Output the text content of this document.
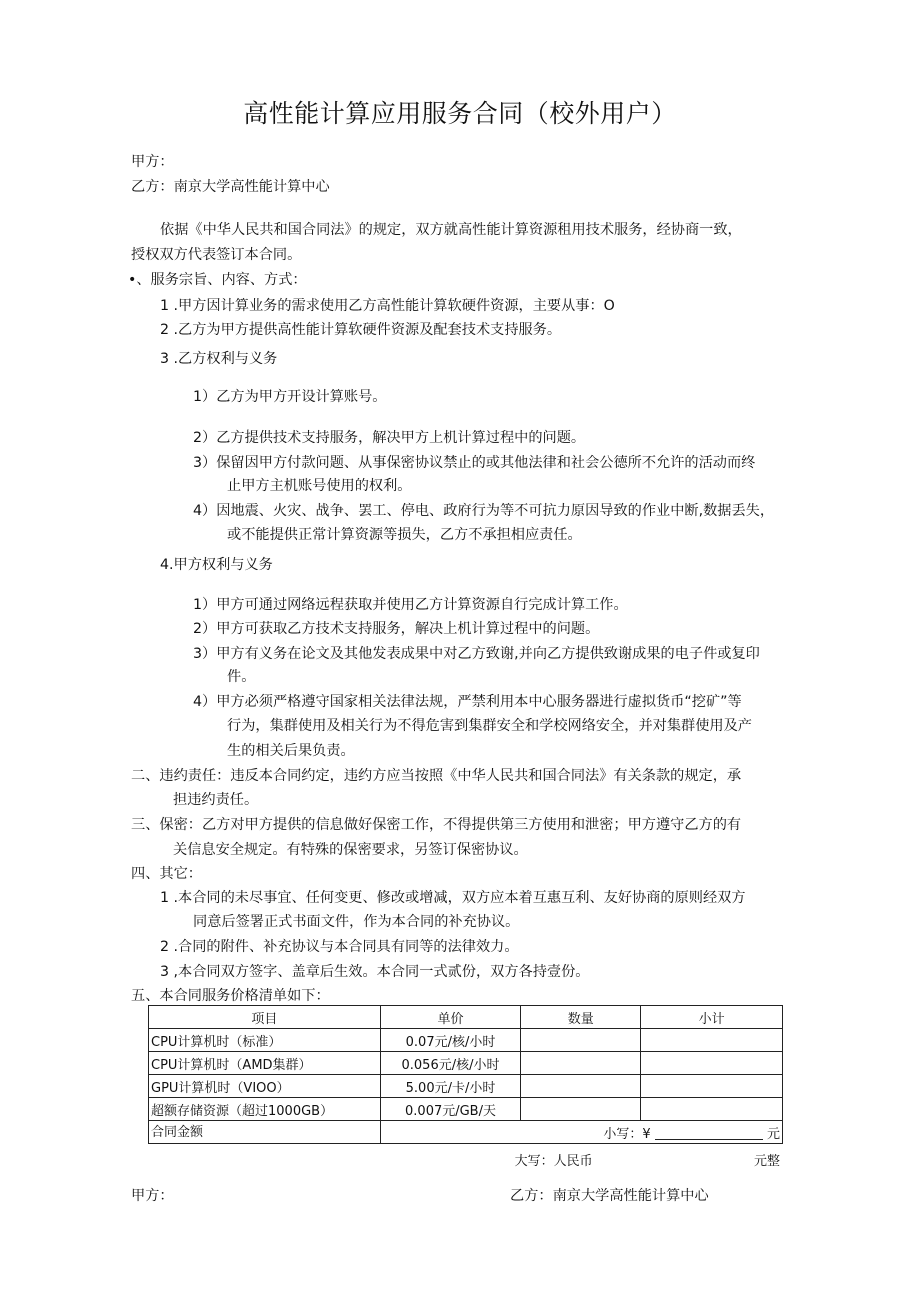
高性能计算应用服务合同（校外用户）
甲方：
乙方：南京大学高性能计算中心
依据《中华人民共和国合同法》的规定，双方就高性能计算资源租用技术服务，经协商一致，
授权双方代表签订本合同。
•、服务宗旨、内容、方式：
1 .甲方因计算业务的需求使用乙方高性能计算软硬件资源，主要从事：O
2 .乙方为甲方提供高性能计算软硬件资源及配套技术支持服务。
3 .乙方权利与义务
1）乙方为甲方开设计算账号。
2）乙方提供技术支持服务，解决甲方上机计算过程中的问题。
3）保留因甲方付款问题、从事保密协议禁止的或其他法律和社会公德所不允许的活动而终
止甲方主机账号使用的权利。
4）因地震、火灾、战争、罢工、停电、政府行为等不可抗力原因导致的作业中断,数据丢失，
或不能提供正常计算资源等损失，乙方不承担相应责任。
4.甲方权利与义务
1）甲方可通过网络远程获取并使用乙方计算资源自行完成计算工作。
2）甲方可获取乙方技术支持服务，解决上机计算过程中的问题。
3）甲方有义务在论文及其他发表成果中对乙方致谢,并向乙方提供致谢成果的电子件或复印
件。
4）甲方必须严格遵守国家相关法律法规，严禁利用本中心服务器进行虚拟货币“挖矿”等
行为，集群使用及相关行为不得危害到集群安全和学校网络安全，并对集群使用及产
生的相关后果负责。
二、违约责任：违反本合同约定，违约方应当按照《中华人民共和国合同法》有关条款的规定，承
担违约责任。
三、保密：乙方对甲方提供的信息做好保密工作，不得提供第三方使用和泄密；甲方遵守乙方的有
关信息安全规定。有特殊的保密要求，另签订保密协议。
四、其它：
1 .本合同的未尽事宜、任何变更、修改或增减，双方应本着互惠互利、友好协商的原则经双方
同意后签署正式书面文件，作为本合同的补充协议。
2 .合同的附件、补充协议与本合同具有同等的法律效力。
3 ,本合同双方签字、盖章后生效。本合同一式贰份，双方各持壹份。
五、本合同服务价格清单如下：
项目	单价	数量	小计
CPU计算机时（标准）	0.07元/核/小时		
CPU计算机时（AMD集群）	0.056元/核/小时		
GPU计算机时（VIOO）	5.00元/卡/小时		
超额存储资源（超过1000GB）	0.007元/GB/天		
合同金额	小写：¥ 元
大写：人民币 元整		
甲方：	乙方：南京大学高性能计算中心
